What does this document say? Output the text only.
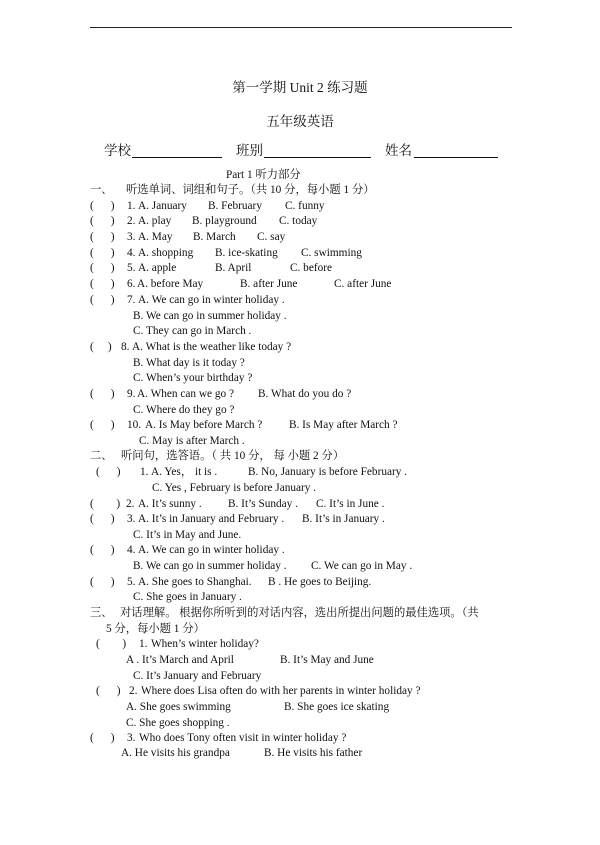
第一学期 Unit 2 练习题
五年级英语
学校	班别	姓名
Part 1 听力部分
一、 听选单词、词组和句子。（共 10 分，每小题 1 分）
(      ) 1. A. January B. February C. funny
(      ) 2. A. play B. playground C. today
(      ) 3. A. May B. March C. say
(      ) 4. A. shopping B. ice-skating C. swimming
(      ) 5. A. apple	B. April	C. before
(      ) 6. A. before May	B. after June	C. after June
(      ) 7. A. We can go in winter holiday .
B. We can go in summer holiday .
C. They can go in March .
(     ) 8. A. What is the weather like today ?
B. What day is it today ?
C. When’s your birthday ?
(      ) 9. A. When can we go ? B. What do you do ?
C. Where do they go ?
(      ) 10. A. Is May before March ? B. Is May after March ?
C. May is after March .
二、 听问句，选答语。（ 共 10 分， 每 小题 2 分）
(      ) 1. A. Yes， it is .	B. No, January is before February .
C. Yes , February is before January .
(        ) 2. A. It’s sunny . B. It’s Sunday . C. It’s in June .
(      ) 3. A. It’s in January and February . B. It’s in January .
C. It’s in May and June.
(      ) 4. A. We can go in winter holiday .
B. We can go in summer holiday . C. We can go in May .
(      ) 5. A. She goes to Shanghai. B . He goes to Beijing.
C. She goes in January .
三、 对话理解。 根据你所听到的对话内容，选出所提出问题的最佳选项。（共
5 分，每小题 1 分）
(        ) 1. When’s winter holiday?
A . It’s March and April	B. It’s May and June
C. It’s January and February
(      ) 2. Where does Lisa often do with her parents in winter holiday ?
A. She goes swimming	B. She goes ice skating
C. She goes shopping .
(      ) 3. Who does Tony often visit in winter holiday ?
A. He visits his grandpa	B. He visits his father
